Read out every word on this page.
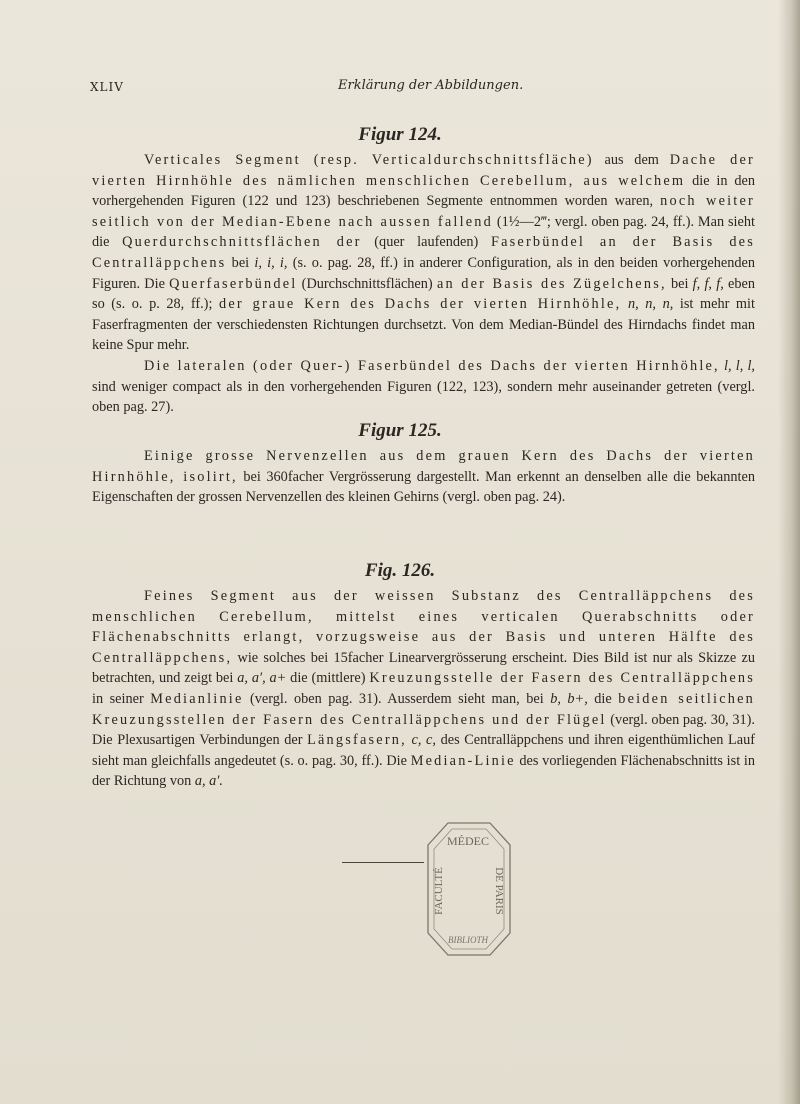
XLIV	Erklärung der Abbildungen.
Figur 124.

Verticales Segment (resp. Verticaldurchschnittsfläche) aus dem Dache der vierten Hirnhöhle des nämlichen menschlichen Cerebellum, aus welchem die in den vorhergehenden Figuren (122 und 123) beschriebenen Segmente entnommen worden waren, noch weiter seitlich von der Median-Ebene nach aussen fallend (1½—2‴; vergl. oben pag. 24, ff.). Man sieht die Querdurchschnittsflächen der (quer laufenden) Faserbündel an der Basis des Centralläppchens bei i, i, i, (s. o. pag. 28, ff.) in anderer Configuration, als in den beiden vorhergehenden Figuren. Die Querfaserbündel (Durchschnittsflächen) an der Basis des Zügelchens, bei f, f, f, eben so (s. o. p. 28, ff.); der graue Kern des Dachs der vierten Hirnhöhle, n, n, n, ist mehr mit Faserfragmenten der verschiedensten Richtungen durchsetzt. Von dem Median-Bündel des Hirndachs findet man keine Spur mehr.
Die lateralen (oder Quer-) Faserbündel des Dachs der vierten Hirnhöhle, l, l, l, sind weniger compact als in den vorhergehenden Figuren (122, 123), sondern mehr auseinander getreten (vergl. oben pag. 27).

Figur 125.

Einige grosse Nervenzellen aus dem grauen Kern des Dachs der vierten Hirnhöhle, isolirt, bei 360facher Vergrösserung dargestellt. Man erkennt an denselben alle die bekannten Eigenschaften der grossen Nervenzellen des kleinen Gehirns (vergl. oben pag. 24).

Fig. 126.

Feines Segment aus der weissen Substanz des Centralläppchens des menschlichen Cerebellum, mittelst eines verticalen Querabschnitts oder Flächenabschnitts erlangt, vorzugsweise aus der Basis und unteren Hälfte des Centralläppchens, wie solches bei 15facher Linearvergrösserung erscheint. Dies Bild ist nur als Skizze zu betrachten, und zeigt bei a, a′, a+ die (mittlere) Kreuzungsstelle der Fasern des Centralläppchens in seiner Medianlinie (vergl. oben pag. 31). Ausserdem sieht man, bei b, b+, die beiden seitlichen Kreuzungsstellen der Fasern des Centralläppchens und der Flügel (vergl. oben pag. 30, 31). Die Plexusartigen Verbindungen der Längsfasern, c, c, des Centralläppchens und ihren eigenthümlichen Lauf sieht man gleichfalls angedeutet (s. o. pag. 30, ff.). Die Median-Linie des vorliegenden Flächenabschnitts ist in der Richtung von a, a′.

MÉDEC
DE PARIS
FACULTÉ
BIBLIOTH
